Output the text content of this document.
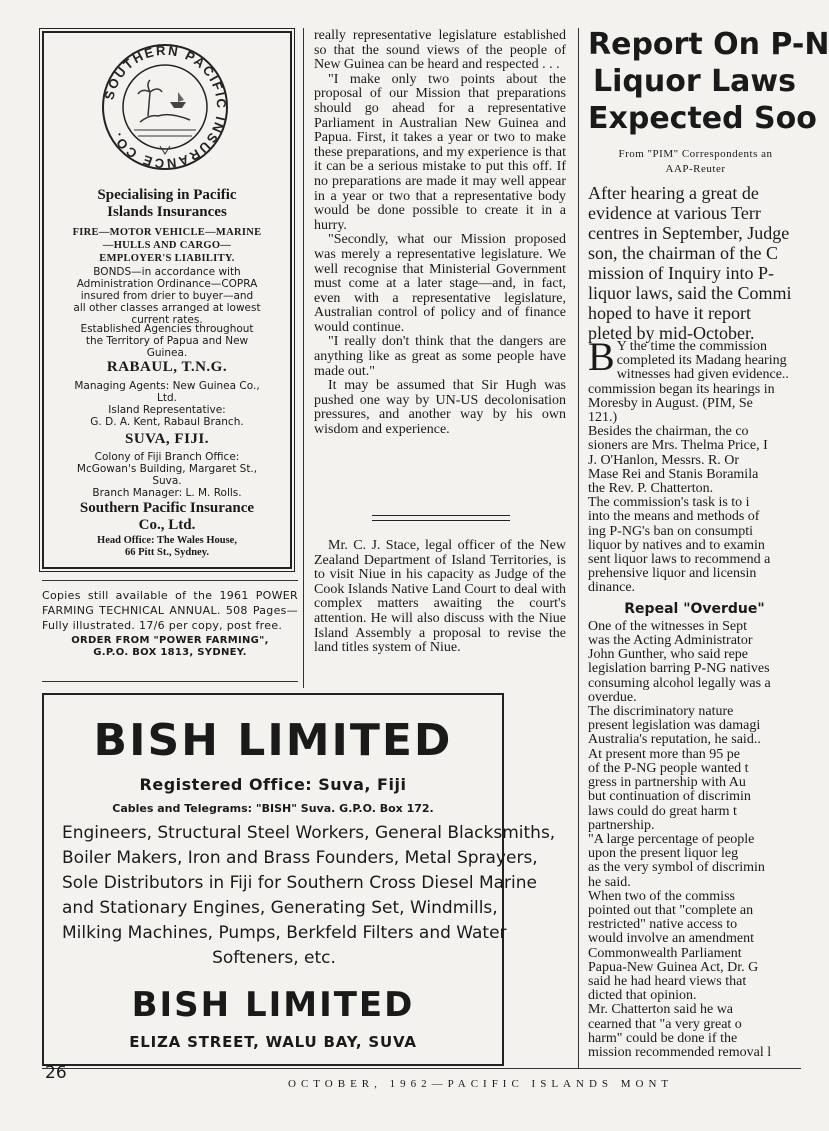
SOUTHERN PACIFIC INSURANCE CO.
Specialising in Pacific
Islands Insurances
FIRE—MOTOR VEHICLE—MARINE
—HULLS AND CARGO—
EMPLOYER'S LIABILITY.
BONDS—in accordance with
Administration Ordinance—COPRA
insured from drier to buyer—and
all other classes arranged at lowest
current rates.
Established Agencies throughout
the Territory of Papua and New
Guinea.
RABAUL, T.N.G.
Managing Agents: New Guinea Co.,
Ltd.
Island Representative:
G. D. A. Kent, Rabaul Branch.
SUVA, FIJI.
Colony of Fiji Branch Office:
McGowan's Building, Margaret St.,
Suva.
Branch Manager: L. M. Rolls.
Southern Pacific Insurance
Co., Ltd.
Head Office: The Wales House,
66 Pitt St., Sydney.
Copies still available of the 1961 POWER FARMING TECHNICAL ANNUAL. 508 Pages—Fully illustrated. 17/6 per copy, post free.
ORDER FROM "POWER FARMING",
G.P.O. BOX 1813, SYDNEY.

really representative legislature established so that the sound views of the people of New Guinea can be heard and respected . . .

"I make only two points about the proposal of our Mission that preparations should go ahead for a representative Parliament in Australian New Guinea and Papua. First, it takes a year or two to make these preparations, and my experience is that it can be a serious mistake to put this off. If no preparations are made it may well appear in a year or two that a representative body would be done possible to create it in a hurry.

"Secondly, what our Mission proposed was merely a representative legislature. We well recognise that Ministerial Government must come at a later stage—and, in fact, even with a representative legislature, Australian control of policy and of finance would continue.

"I really don't think that the dangers are anything like as great as some people have made out."

It may be assumed that Sir Hugh was pushed one way by UN-US decolonisation pressures, and another way by his own wisdom and experience.

Mr. C. J. Stace, legal officer of the New Zealand Department of Island Territories, is to visit Niue in his capacity as Judge of the Cook Islands Native Land Court to deal with complex matters awaiting the court's attention. He will also discuss with the Niue Island Assembly a proposal to revise the land titles system of Niue.

Report On P-N
Liquor Laws
Expected Soo
From "PIM" Correspondents an
AAP-Reuter
After hearing a great de
evidence at various Terr
centres in September, Judge
son, the chairman of the C
mission of Inquiry into P-
liquor laws, said the Commi
hoped to have it report
pleted by mid-October.
B Y the time the commission
completed its Madang hearing
witnesses had given evidence..
commission began its hearings in
Moresby in August. (PIM, Se
121.)
Besides the chairman, the co
sioners are Mrs. Thelma Price, I
J. O'Hanlon, Messrs. R. Or
Mase Rei and Stanis Boramila
the Rev. P. Chatterton.
The commission's task is to i
into the means and methods of
ing P-NG's ban on consumpti
liquor by natives and to examin
sent liquor laws to recommend a
prehensive liquor and licensin
dinance.
Repeal "Overdue"
One of the witnesses in Sept
was the Acting Administrator
John Gunther, who said repe
legislation barring P-NG natives
consuming alcohol legally was a
overdue.
The discriminatory nature
present legislation was damagi
Australia's reputation, he said..
At present more than 95 pe
of the P-NG people wanted t
gress in partnership with Au
but continuation of discrimin
laws could do great harm t
partnership.
"A large percentage of people
upon the present liquor leg
as the very symbol of discrimin
he said.
When two of the commiss
pointed out that "complete an
restricted" native access to
would involve an amendment
Commonwealth Parliament
Papua-New Guinea Act, Dr. G
said he had heard views that
dicted that opinion.
Mr. Chatterton said he wa
cearned that "a very great o
harm" could be done if the
mission recommended removal l
BISH LIMITED
Registered Office: Suva, Fiji
Cables and Telegrams: "BISH" Suva. G.P.O. Box 172.
Engineers, Structural Steel Workers, General Blacksmiths,
Boiler Makers, Iron and Brass Founders, Metal Sprayers,
Sole Distributors in Fiji for Southern Cross Diesel Marine
and Stationary Engines, Generating Set, Windmills,
Milking Machines, Pumps, Berkfeld Filters and Water
Softeners, etc.
BISH LIMITED
ELIZA STREET, WALU BAY, SUVA
26
OCTOBER, 1962—PACIFIC ISLANDS MONT
